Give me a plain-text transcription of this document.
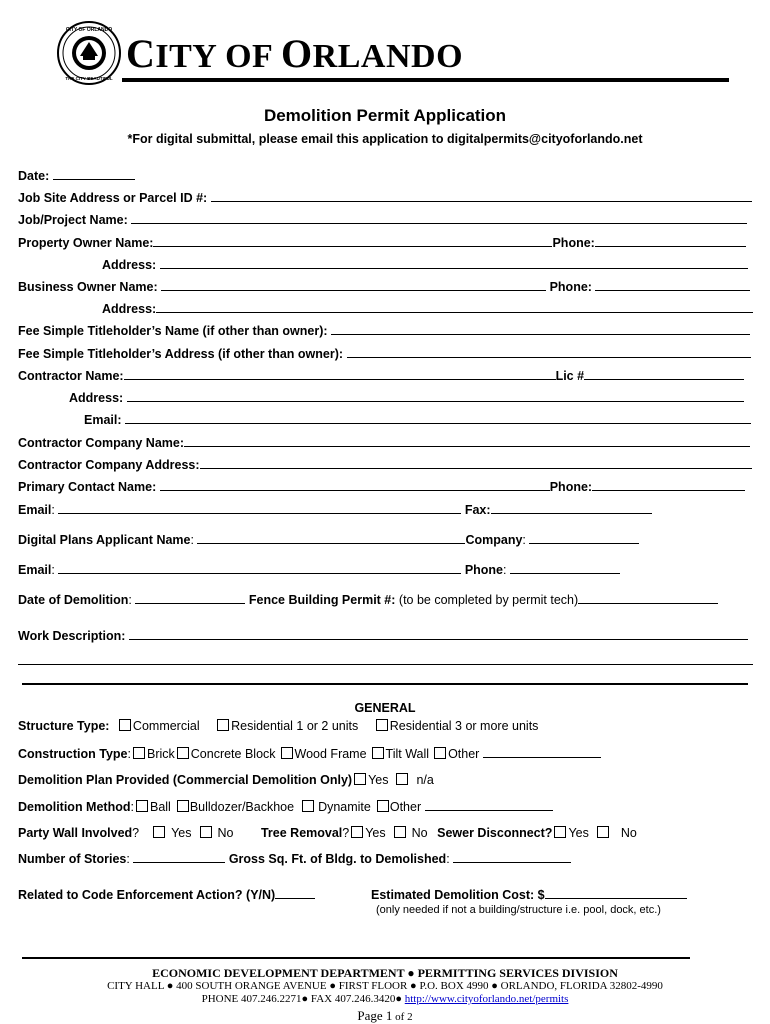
CITY OF ORLANDO
THE CITY BEAUTIFUL
CITY OF ORLANDO
Demolition Permit Application
*For digital submittal, please email this application to digitalpermits@cityoforlando.net
Date:
Job Site Address or Parcel ID #:
Job/Project Name:
Property Owner Name:	Phone:
Address:
Business Owner Name:	Phone:
Address:
Fee Simple Titleholder’s Name (if other than owner):
Fee Simple Titleholder’s Address (if other than owner):
Contractor Name:	Lic #
Address:
Email:
Contractor Company Name:
Contractor Company Address:
Primary Contact Name:	Phone:
Email:	Fax:
Digital Plans Applicant Name:	Company:
Email:	Phone:
Date of Demolition:	Fence Building Permit #: (to be completed by permit tech)
Work Description:
GENERAL
Structure Type: Commercial	Residential 1 or 2 units	Residential 3 or more units
Construction Type: Brick Concrete Block Wood Frame Tilt Wall Other
Demolition Plan Provided (Commercial Demolition Only) Yes n/a
Demolition Method: Ball Bulldozer/Backhoe Dynamite Other
Party Wall Involved?	Yes No Tree Removal? Yes No Sewer Disconnect? Yes	No
Number of Stories:	Gross Sq. Ft. of Bldg. to Demolished:
Related to Code Enforcement Action? (Y/N)	Estimated Demolition Cost: $
(only needed if not a building/structure i.e. pool, dock, etc.)
ECONOMIC DEVELOPMENT DEPARTMENT ● PERMITTING SERVICES DIVISION
CITY HALL ● 400 SOUTH ORANGE AVENUE ● FIRST FLOOR ● P.O. BOX 4990 ● ORLANDO, FLORIDA 32802-4990
PHONE 407.246.2271● FAX 407.246.3420● http://www.cityoforlando.net/permits
Page 1 of 2
